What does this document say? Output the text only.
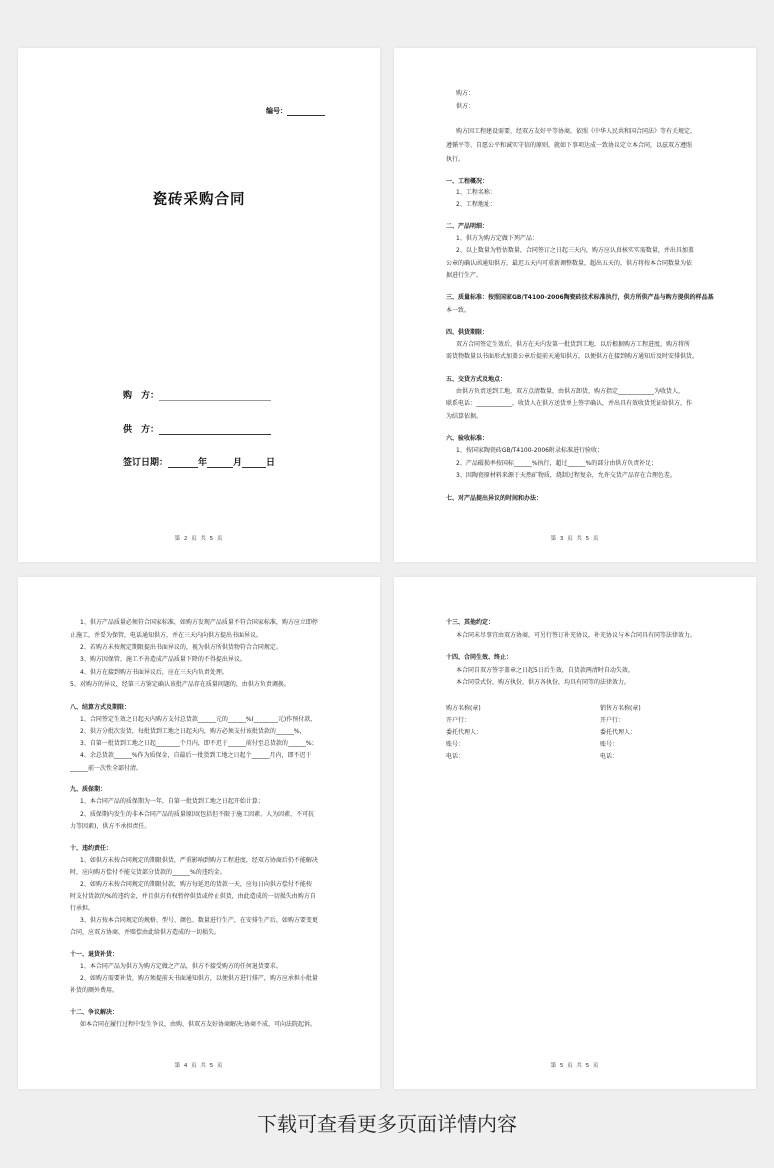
编号：
瓷砖采购合同
购　方：
供　方：
签订日期：	年	月	日
第 2 页 共 5 页
购方：
供方：
购方因工程建设需要，经双方友好平等协商，依照《中华人民共和国合同法》等有关规定，
遵循平等、自愿公平和诚实守信的原则，就如下事项达成一致协议定立本合同，以兹双方遵照
执行。
一、工程概况：
1、工程名称：
2、工程地址：
二、产品明细：
1、供方为购方定做下列产品：
2、以上数量为暂估数量，合同签订之日起三天内，购方应认真核实实需数量，并出具加盖
公章的确认函通知供方，最迟五天内可重新调整数量，超出五天的，供方将按本合同数量为依
据进行生产。
三、质量标准：按照国家GB/T4100-2006陶瓷砖技术标准执行，供方所供产品与购方提供的样品基
本一致。
四、供货期限：
双方合同签定生效后，供方在天内发第一批货到工地，以后根据购方工程进度，购方将所
需货物数量以书面形式加盖公章后提前天通知供方，以便供方在接到购方通知后及时安排供货。
五、交货方式及地点：
由供方负责送到工地，双方点清数量，由供方卸货，购方指定____________为收货人，
联系电话：____________，收货人在供方送货单上签字确认，并出具有效收货凭证给供方，作
为结算依据。
六、验收标准：
1、按国家陶瓷砖GB/T4100-2006附录标准进行验收；
2、产品破损率按国标______%执行，超过______%的部分由供方负责补足；
3、因陶瓷原材料来源于天然矿物质，烧制过程复杂，允许交货产品存在合理色差。
七、对产品提出异议的时间和办法：
第 3 页 共 5 页
1、供方产品质量必须符合国家标准，如购方发现产品质量不符合国家标准，购方应立即停
止施工，并妥为保管，电话通知供方，并在三天内向供方提出书面异议。
2、若购方未按规定期限提出书面异议的，视为供方所供货物符合合同规定。
3、购方因保管、施工不善造成产品质量下降的不得提出异议。
4、供方在接到购方书面异议后，应在三天内负责处理。
5、对购方的异议，经第三方鉴定确认该批产品存在质量问题的，由供方负责调换。
八、结算方式及期限：
1、合同签定生效之日起天内购方支付总货款______元的______%(________元)作预付款，
2、供方分批次发货，每批货到工地之日起天内，购方必须支付该批货款的______%，
3、自第一批货到工地之日起________个月内，即不迟于______前付至总货款的______%；
4、余总货款______%作为质保金，自最后一批货到工地之日起个______月内，即不迟于
______前一次性全部付清。
九、质保期：
1、本合同产品的质保期为一年，自第一批货到工地之日起开始计算；
2、质保期内发生的非本合同产品的质量原因(包括但不限于施工因素、人为因素、不可抗
力等因素)，供方不承担责任。
十、违约责任：
1、如供方未按合同规定的期限供货，严重影响到购方工程进度，经双方协商后仍不能解决
时，应向购方偿付不能交货部分货款的______%的违约金。
2、如购方未按合同规定的期限付款，购方每延迟的货款一天，应每日向供方偿付不能按
时支付货款的%的违约金，并且供方有权暂停供货或停止供货，由此造成的一切损失由购方自
行承担。
3、供方按本合同规定的规格、型号、颜色、数量进行生产，在安排生产后，如购方要变更
合同，应双方协商，并赔偿由此给供方造成的一切损失。
十一、退货补货：
1、本合同产品为供方为购方定做之产品，供方不接受购方的任何退货要求。
2、如购方需要补货，购方须提前天书面通知供方，以便供方进行排产，购方应承担小批量
补货的额外费用。
十二、争议解决：
如本合同在履行过程中发生争议，由购、供双方友好协商解决;协商不成，可向法院起诉。
第 4 页 共 5 页
十三、其他约定：
本合同未尽事宜由双方协商，可另行签订补充协议，补充协议与本合同具有同等法律效力。
十四、合同生效、终止：
本合同自双方签字盖章之日起5日后生效，自货款两清时自动失效。
本合同壹式份，购方执份，供方各执份，均具有同等的法律效力。
购方名称(章)
开户行：
委托代理人：
账号：
电话：
销售方名称(章)
开户行：
委托代理人：
账号：
电话：
第 5 页 共 5 页
下载可查看更多页面详情内容
